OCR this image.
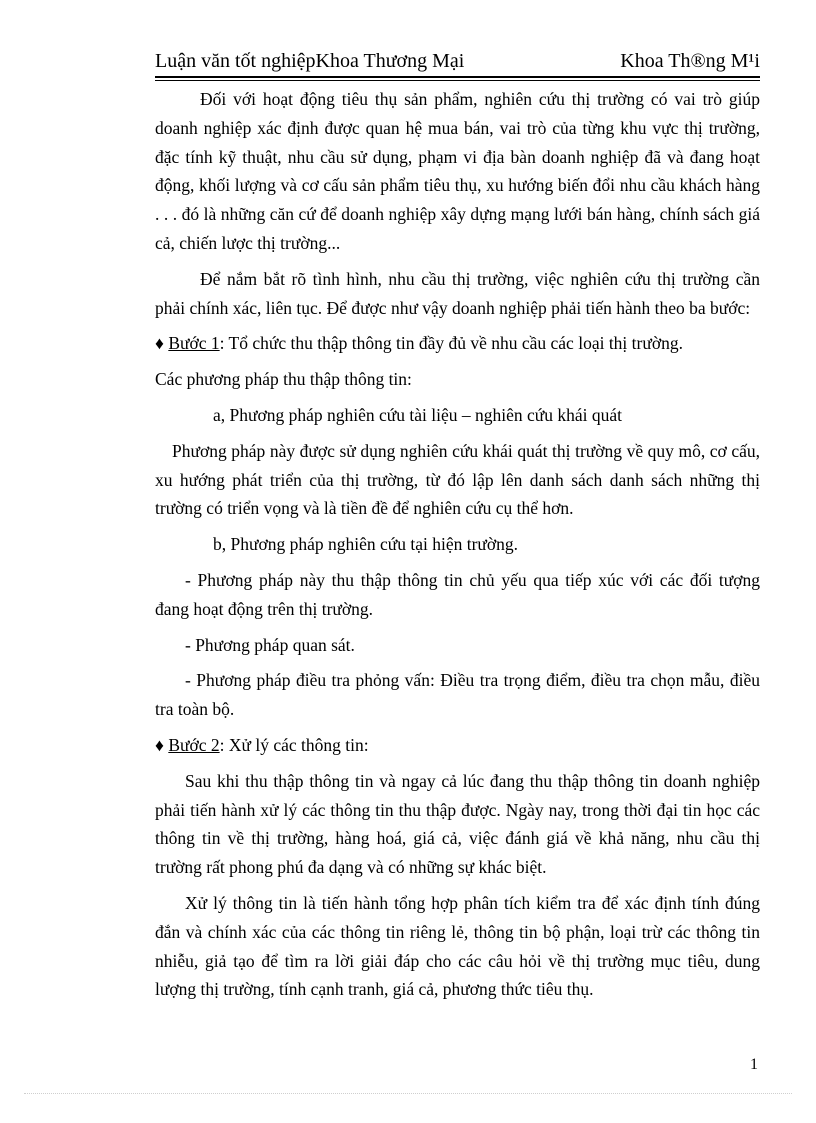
Luận văn tốt nghiệpKhoa Thương Mại	Khoa Th®ng M¹i

Đối với hoạt động tiêu thụ sản phẩm, nghiên cứu thị trường có vai trò giúp doanh nghiệp xác định được quan hệ mua bán, vai trò của từng khu vực thị trường, đặc tính kỹ thuật, nhu cầu sử dụng, phạm vi địa bàn doanh nghiệp đã và đang hoạt động, khối lượng và cơ cấu sản phẩm tiêu thụ, xu hướng biến đổi nhu cầu khách hàng . . . đó là những căn cứ để doanh nghiệp xây dựng mạng lưới bán hàng, chính sách giá cả, chiến lược thị trường...

Để nắm bắt rõ tình hình, nhu cầu thị trường, việc nghiên cứu thị trường cần phải chính xác, liên tục. Để được như vậy doanh nghiệp phải tiến hành theo ba bước:

♦ Bước 1: Tổ chức thu thập thông tin đầy đủ về nhu cầu các loại thị trường.

Các phương pháp thu thập thông tin:

a, Phương pháp nghiên cứu tài liệu – nghiên cứu khái quát

Phương pháp này được sử dụng nghiên cứu khái quát thị trường về quy mô, cơ cấu, xu hướng phát triển của thị trường, từ đó lập lên danh sách danh sách những thị trường có triển vọng và là tiền đề để nghiên cứu cụ thể hơn.

b, Phương pháp nghiên cứu tại hiện trường.

- Phương pháp này thu thập thông tin chủ yếu qua tiếp xúc với các đối tượng đang hoạt động trên thị trường.

- Phương pháp quan sát.

- Phương pháp điều tra phỏng vấn: Điều tra trọng điểm, điều tra chọn mẫu, điều tra toàn bộ.

♦ Bước 2: Xử lý các thông tin:

Sau khi thu thập thông tin và ngay cả lúc đang thu thập thông tin doanh nghiệp phải tiến hành xử lý các thông tin thu thập được. Ngày nay, trong thời đại tin học các thông tin về thị trường, hàng hoá, giá cả, việc đánh giá về khả năng, nhu cầu thị trường rất phong phú đa dạng và có những sự khác biệt.

Xử lý thông tin là tiến hành tổng hợp phân tích kiểm tra để xác định tính đúng đắn và chính xác của các thông tin riêng lẻ, thông tin bộ phận, loại trừ các thông tin nhiễu, giả tạo để tìm ra lời giải đáp cho các câu hỏi về thị trường mục tiêu, dung lượng thị trường, tính cạnh tranh, giá cả, phương thức tiêu thụ.

1
